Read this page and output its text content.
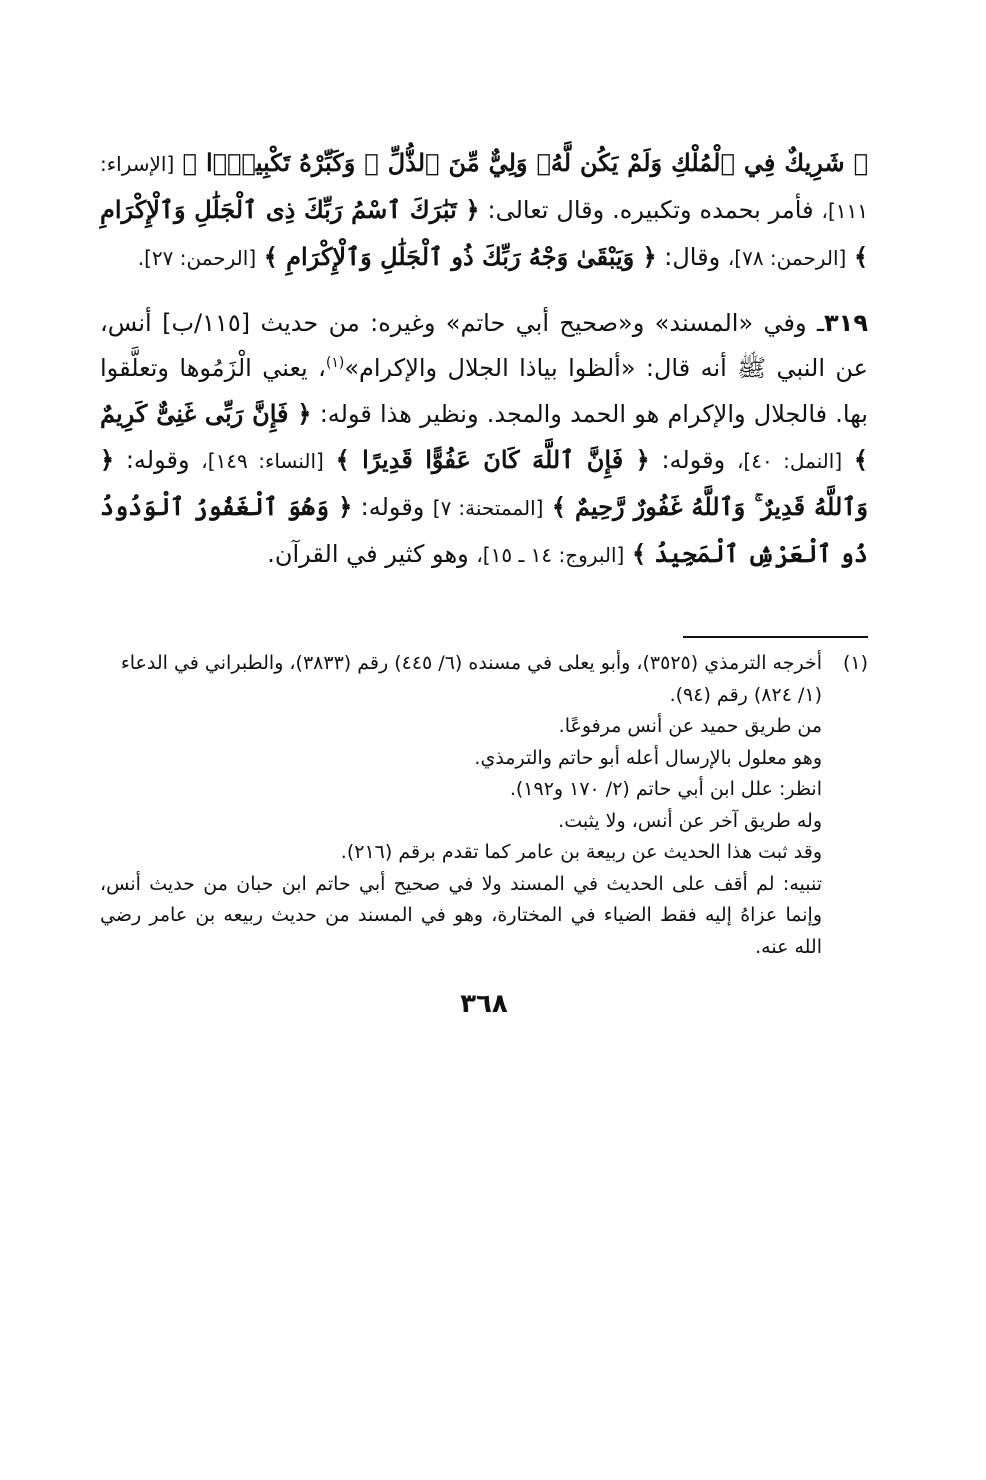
﴿ شَرِيكٌ فِي ٱلْمُلْكِ وَلَمْ يَكُن لَّهُۥ وَلِيٌّ مِّنَ ٱلذُّلِّ ۖ وَكَبِّرْهُ تَكْبِيرًۢا ﴾ [الإسراء: ١١١]، فأمر بحمده وتكبيره. وقال تعالى: ﴿ تَبَٰرَكَ ٱسْمُ رَبِّكَ ذِى ٱلْجَلَٰلِ وَٱلْإِكْرَامِ ﴾ [الرحمن: ٧٨]، وقال: ﴿ وَيَبْقَىٰ وَجْهُ رَبِّكَ ذُو ٱلْجَلَٰلِ وَٱلْإِكْرَامِ ﴾ [الرحمن: ٢٧].

٣١٩ـ وفي «المسند» و«صحيح أبي حاتم» وغيره: من حديث [١١٥/ب] أنس، عن النبي ﷺ أنه قال: «ألظوا بياذا الجلال والإكرام»$^{(١)}$، يعني الْزَمُوها وتعلَّقوا بها. فالجلال والإكرام هو الحمد والمجد. ونظير هذا قوله: ﴿ فَإِنَّ رَبِّى غَنِىٌّ كَرِيمٌ ﴾ [النمل: ٤٠]، وقوله: ﴿ فَإِنَّ ٱللَّهَ كَانَ عَفُوًّا قَدِيرًا ﴾ [النساء: ١٤٩]، وقوله: ﴿ وَٱللَّهُ قَدِيرٌ ۚ وَٱللَّهُ غَفُورٌ رَّحِيمٌ ﴾ [الممتحنة: ٧] وقوله: ﴿ وَهُوَ ٱلْغَفُورُ ٱلْوَدُودُ ذُو ٱلْعَرْشِ ٱلْمَجِيدُ ﴾ [البروج: ١٤ ـ ١٥]، وهو كثير في القرآن.

(١)
أخرجه الترمذي (٣٥٢٥)، وأبو يعلى في مسنده (٦/ ٤٤٥) رقم (٣٨٣٣)، والطبراني في الدعاء (١/ ٨٢٤) رقم (٩٤).
من طريق حميد عن أنس مرفوعًا.
وهو معلول بالإرسال أعله أبو حاتم والترمذي.
انظر: علل ابن أبي حاتم (٢/ ١٧٠ و١٩٢).
وله طريق آخر عن أنس، ولا يثبت.
وقد ثبت هذا الحديث عن ربيعة بن عامر كما تقدم برقم (٢١٦).
تنبيه: لم أقف على الحديث في المسند ولا في صحيح أبي حاتم ابن حبان من حديث أنس، وإنما عزاهُ إليه فقط الضياء في المختارة، وهو في المسند من حديث ربيعه بن عامر رضي الله عنه.
٣٦٨
